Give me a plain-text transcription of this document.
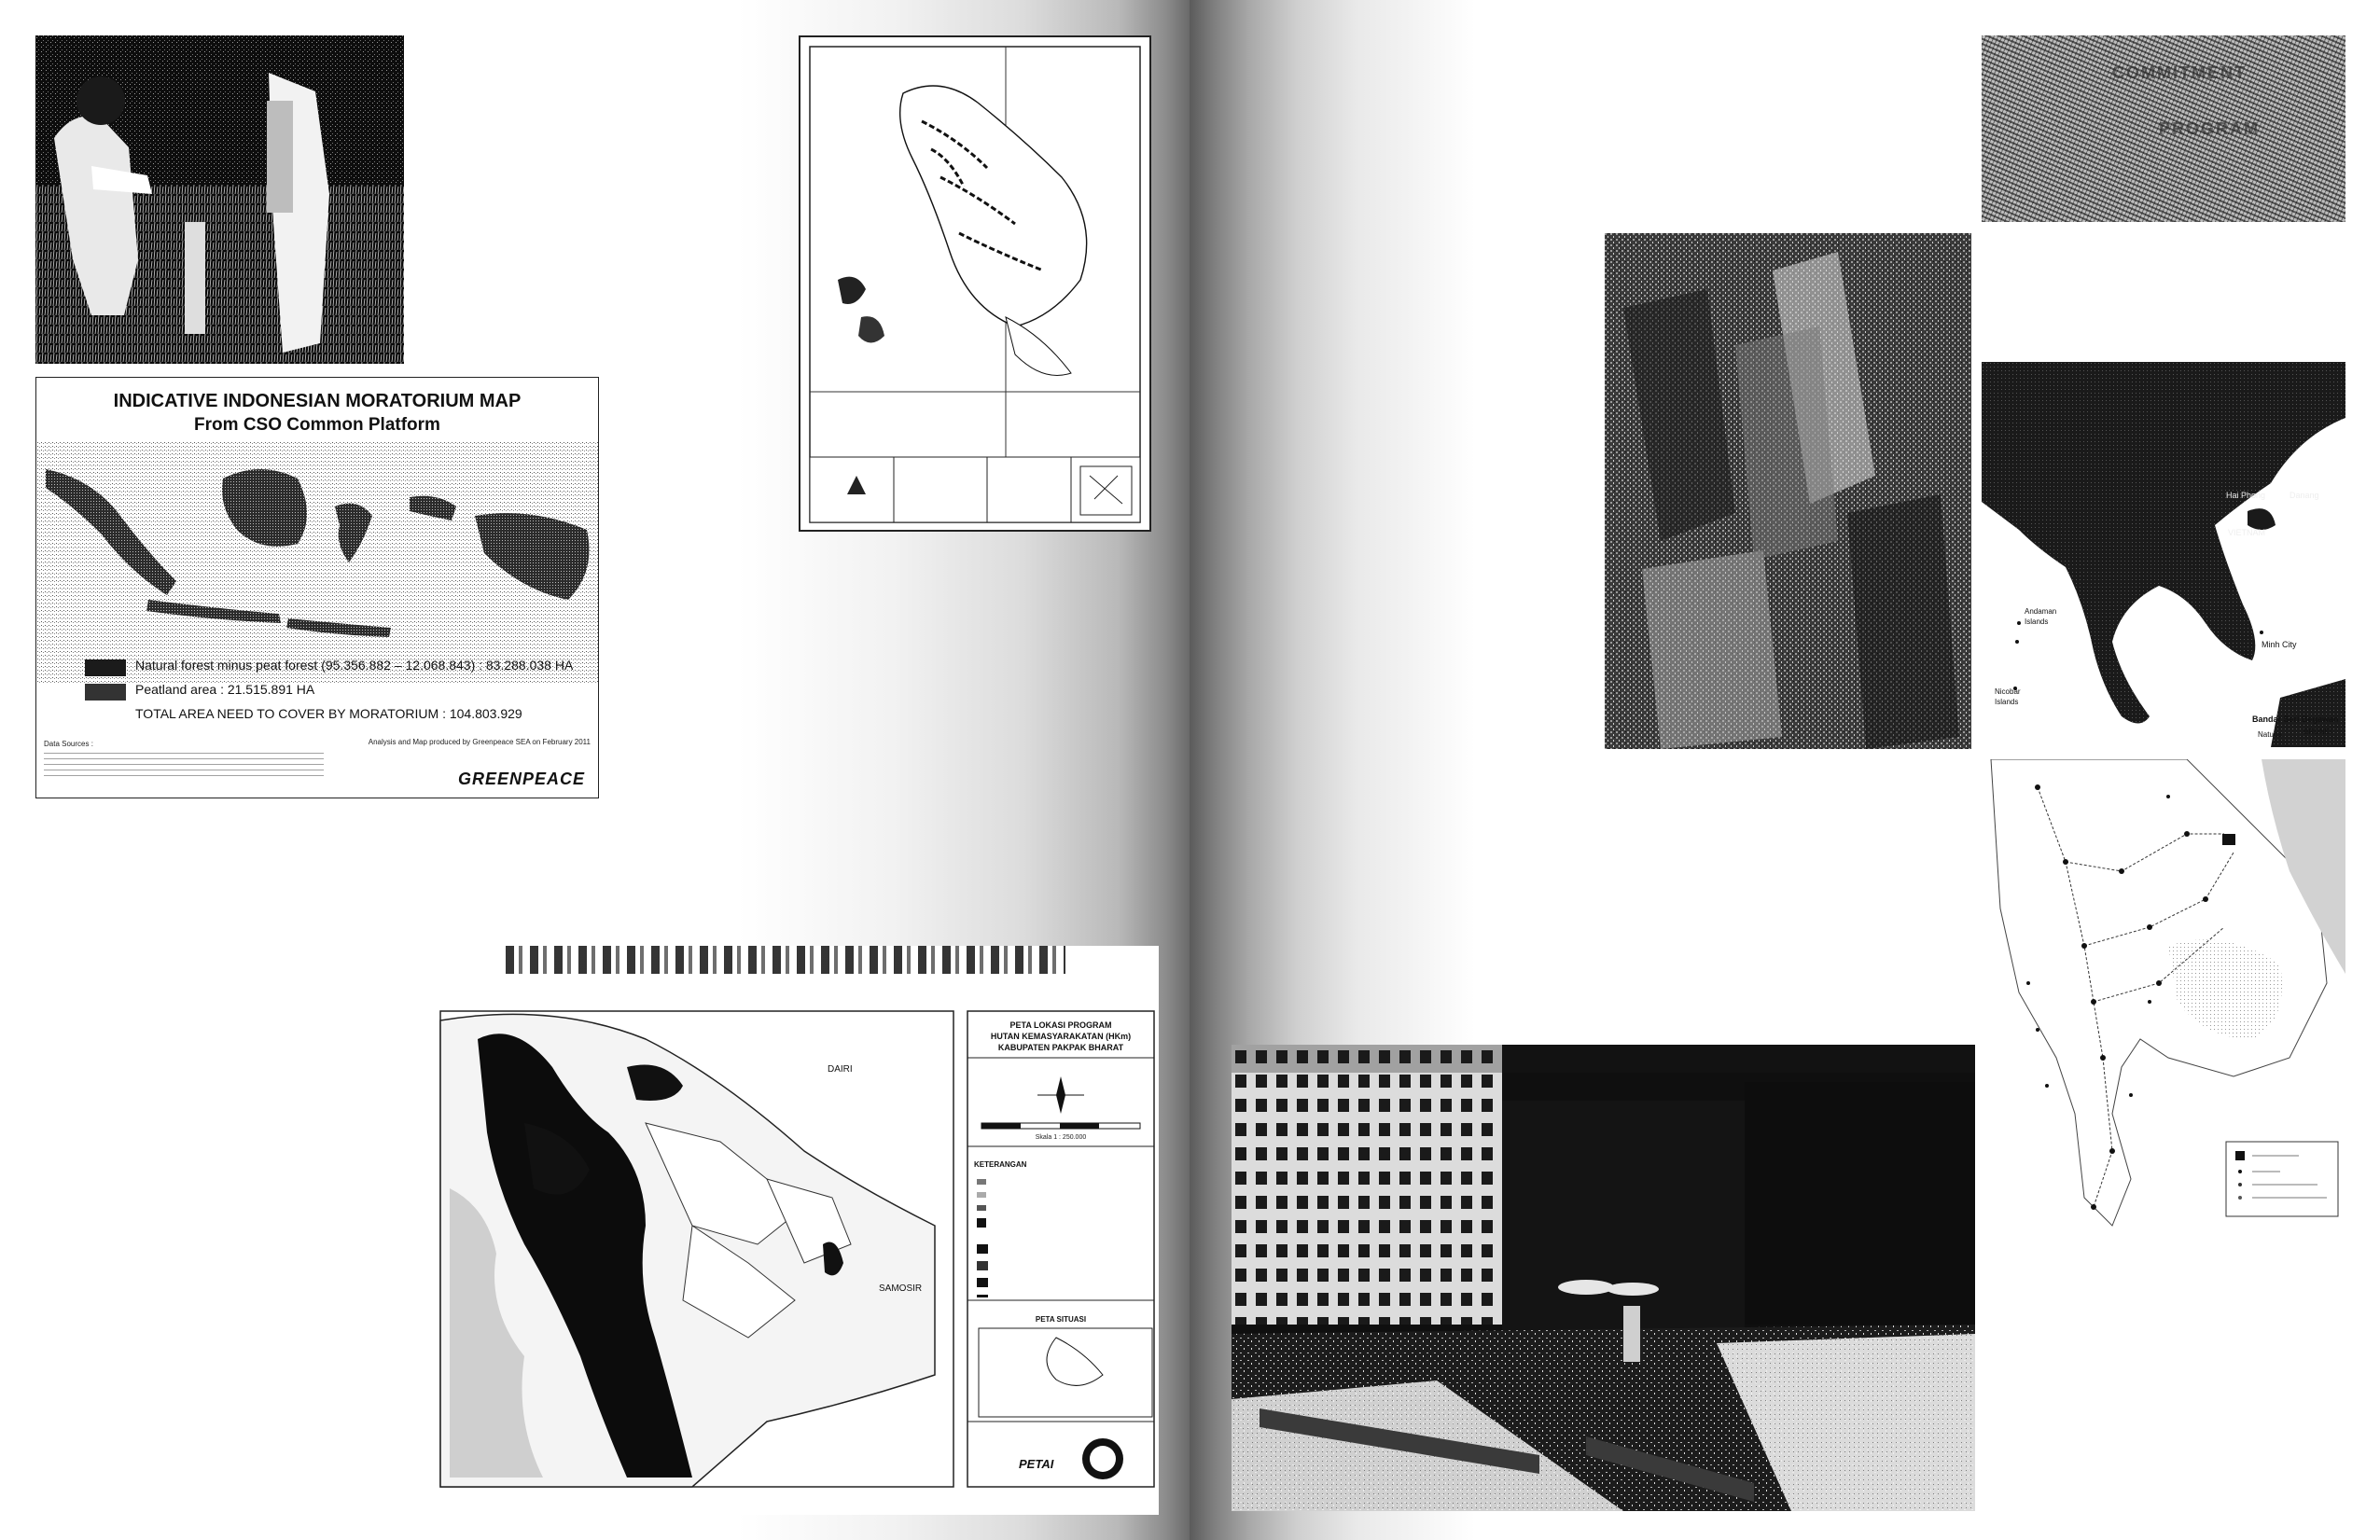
INDICATIVE INDONESIAN MORATORIUM MAP
From CSO Common Platform
Natural forest minus peat forest (95.356.882 – 12.068.843) : 83.288.038 HA
Peatland area : 21.515.891 HA
TOTAL AREA NEED TO COVER BY MORATORIUM : 104.803.929
Data Sources :	Analysis and Map produced by Greenpeace SEA on February 2011
GREENPEACE
DAIRI
SAMOSIR
PETA LOKASI PROGRAM
HUTAN KEMASYARAKATAN (HKm)
KABUPATEN PAKPAK BHARAT
Skala 1 : 250.000
KETERANGAN
PETA SITUASI
PETAI
COMMITMENT
PROGRAM
Hai Phong	Danang
VIETNAM
Andaman Islands
Nicobar Islands
Minh City
Bandar Seri Begawan
BRUNEI
Natuna
